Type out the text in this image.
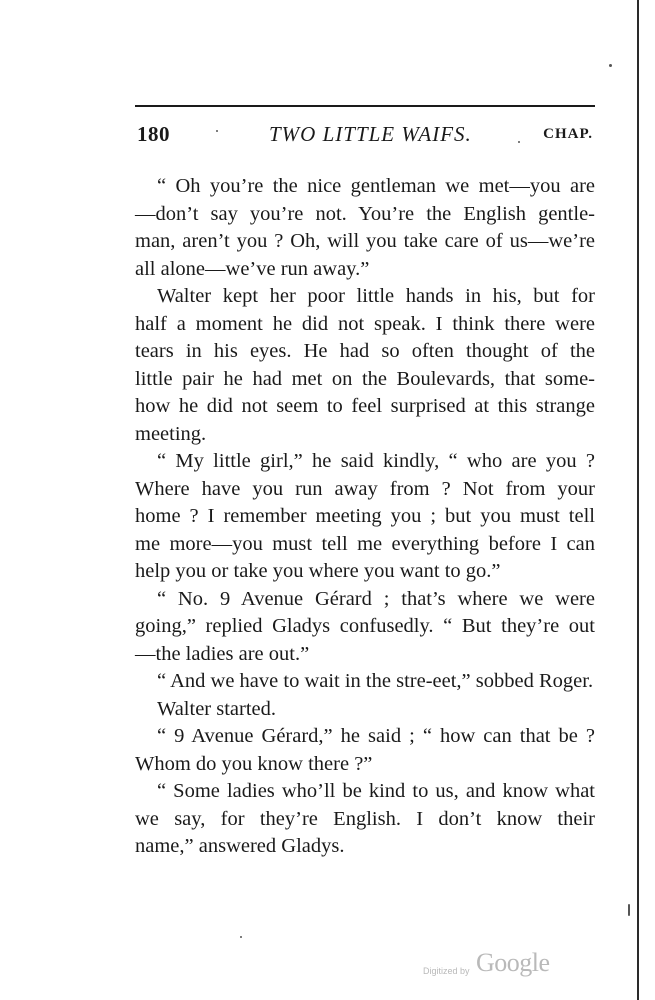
180	TWO LITTLE WAIFS.	CHAP.

“ Oh you’re the nice gentleman we met—you are
—don’t say you’re not. You’re the English gentle-
man, aren’t you ? Oh, will you take care of us—we’re
all alone—we’ve run away.”

Walter kept her poor little hands in his, but for
half a moment he did not speak. I think there were
tears in his eyes. He had so often thought of the
little pair he had met on the Boulevards, that some-
how he did not seem to feel surprised at this strange
meeting.

“ My little girl,” he said kindly, “ who are you ?
Where have you run away from ? Not from your
home ? I remember meeting you ; but you must tell
me more—you must tell me everything before I can
help you or take you where you want to go.”

“ No. 9 Avenue Gérard ; that’s where we were
going,” replied Gladys confusedly. “ But they’re out
—the ladies are out.”

“ And we have to wait in the stre-eet,” sobbed Roger.

Walter started.

“ 9 Avenue Gérard,” he said ; “ how can that be ?
Whom do you know there ?”

“ Some ladies who’ll be kind to us, and know what
we say, for they’re English. I don’t know their
name,” answered Gladys.

Digitized by Google
